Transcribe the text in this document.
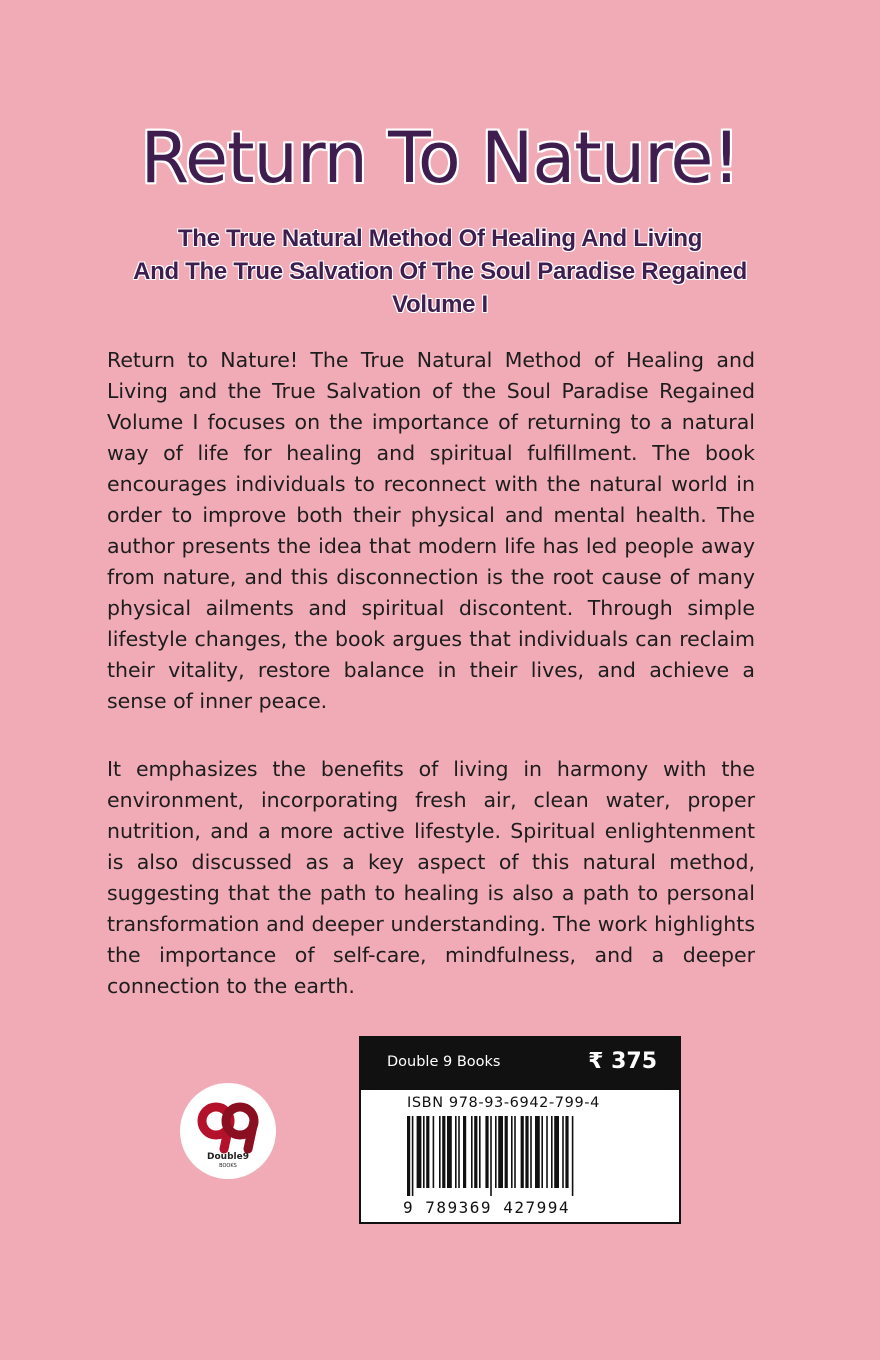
Return To Nature!
The True Natural Method Of Healing And Living
And The True Salvation Of The Soul Paradise Regained
Volume I

Return to Nature! The True Natural Method of Healing and Living and the True Salvation of the Soul Paradise Regained Volume I focuses on the importance of returning to a natural way of life for healing and spiritual fulfillment. The book encourages individuals to reconnect with the natural world in order to improve both their physical and mental health. The author presents the idea that modern life has led people away from nature, and this disconnection is the root cause of many physical ailments and spiritual discontent. Through simple lifestyle changes, the book argues that individuals can reclaim their vitality, restore balance in their lives, and achieve a sense of inner peace.

It emphasizes the benefits of living in harmony with the environment, incorporating fresh air, clean water, proper nutrition, and a more active lifestyle. Spiritual enlightenment is also discussed as a key aspect of this natural method, suggesting that the path to healing is also a path to personal transformation and deeper understanding. The work highlights the importance of self-care, mindfulness, and a deeper connection to the earth.

Double9
BOOKS
Double 9 Books	₹ 375
ISBN 978-93-6942-799-4
9 789369 427994
